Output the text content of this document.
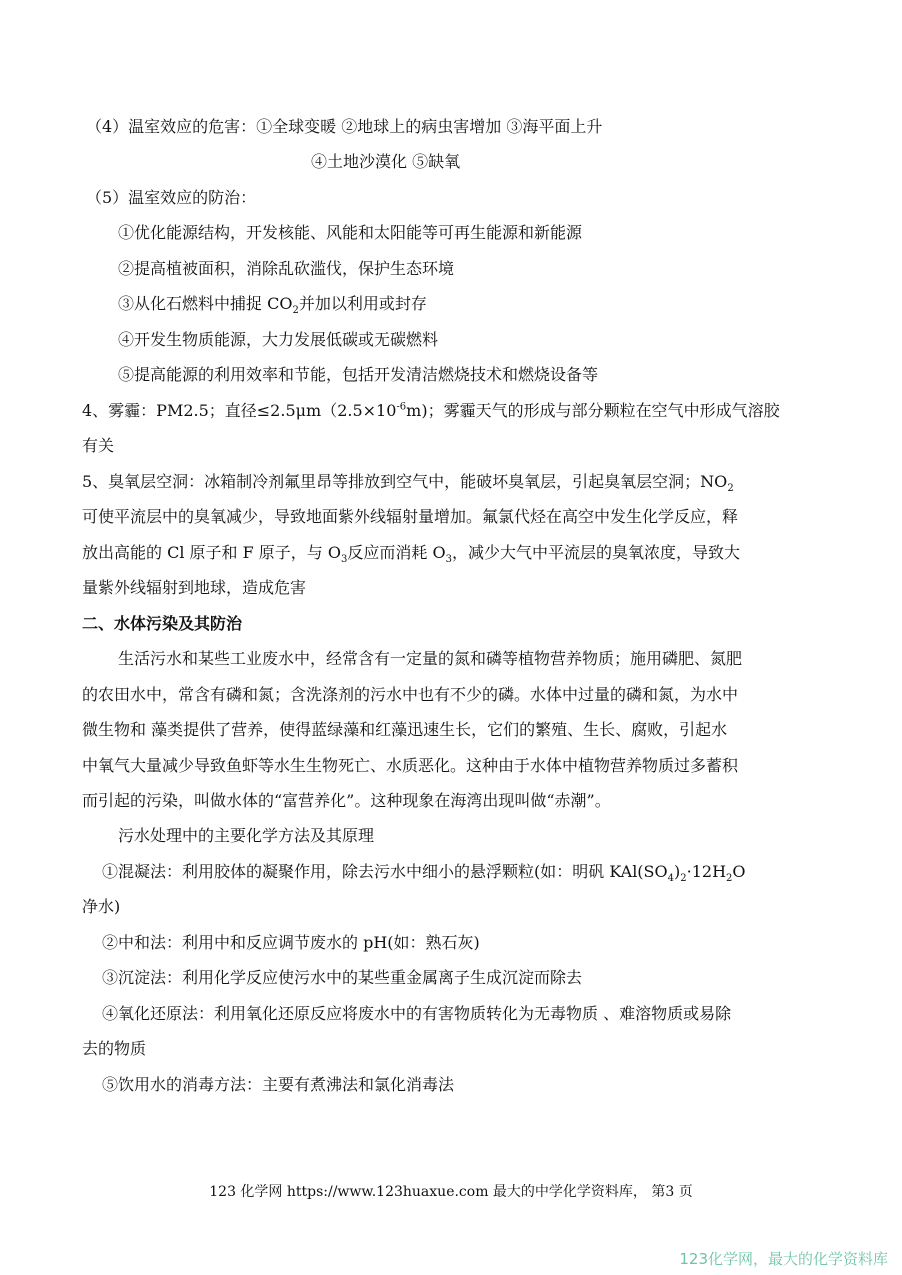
（4）温室效应的危害：①全球变暖 ②地球上的病虫害增加 ③海平面上升

④土地沙漠化 ⑤缺氧

（5）温室效应的防治：

①优化能源结构，开发核能、风能和太阳能等可再生能源和新能源

②提高植被面积，消除乱砍滥伐，保护生态环境

③从化石燃料中捕捉 $CO_2$并加以利用或封存

④开发生物质能源，大力发展低碳或无碳燃料

⑤提高能源的利用效率和节能，包括开发清洁燃烧技术和燃烧设备等

4、雾霾：PM2.5；直径$\le 2.5\mu m(2.5\times 10^{-6}m)$；雾霾天气的形成与部分颗粒在空气中形成气溶胶

有关

5、臭氧层空洞：冰箱制冷剂氟里昂等排放到空气中，能破坏臭氧层，引起臭氧层空洞；$NO_2$

可使平流层中的臭氧减少，导致地面紫外线辐射量增加。氟氯代烃在高空中发生化学反应，释

放出高能的 Cl 原子和 F 原子，与 $O_3$反应而消耗 $O_3$，减少大气中平流层的臭氧浓度，导致大

量紫外线辐射到地球，造成危害

二、水体污染及其防治

生活污水和某些工业废水中，经常含有一定量的氮和磷等植物营养物质；施用磷肥、氮肥

的农田水中，常含有磷和氮；含洗涤剂的污水中也有不少的磷。水体中过量的磷和氮，为水中

微生物和 藻类提供了营养，使得蓝绿藻和红藻迅速生长，它们的繁殖、生长、腐败，引起水

中氧气大量减少导致鱼虾等水生生物死亡、水质恶化。这种由于水体中植物营养物质过多蓄积

而引起的污染，叫做水体的“富营养化”。这种现象在海湾出现叫做“赤潮”。

污水处理中的主要化学方法及其原理

①混凝法：利用胶体的凝聚作用，除去污水中细小的悬浮颗粒(如：明矾 $KAl(SO_4)_2\cdot 12H_2O$

净水)

②中和法：利用中和反应调节废水的 pH(如：熟石灰)

③沉淀法：利用化学反应使污水中的某些重金属离子生成沉淀而除去

④氧化还原法：利用氧化还原反应将废水中的有害物质转化为无毒物质 、难溶物质或易除

去的物质

⑤饮用水的消毒方法：主要有煮沸法和氯化消毒法

123 化学网 https://www.123huaxue.com 最大的中学化学资料库， 第3 页
123化学网，最大的化学资料库
